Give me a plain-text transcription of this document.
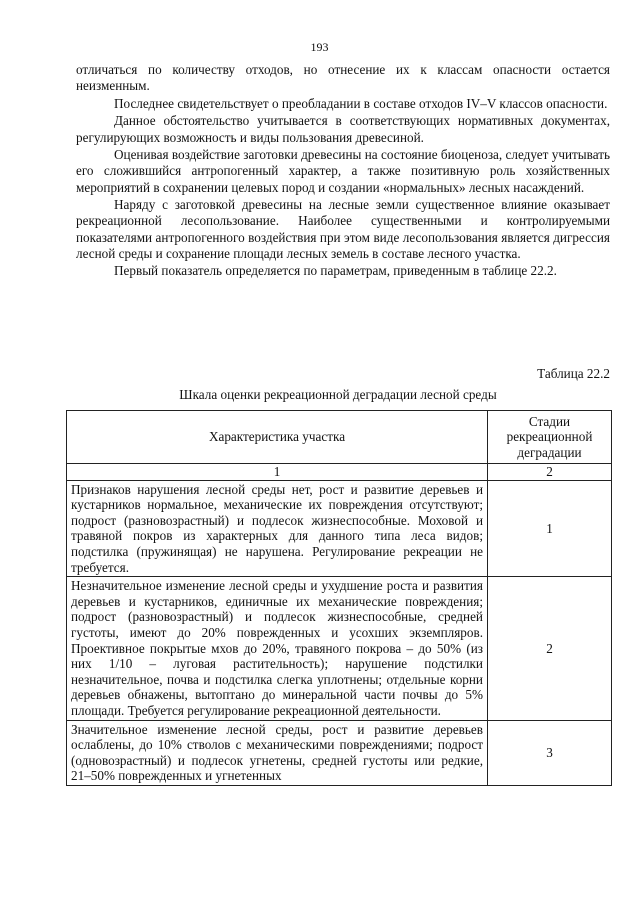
193

отличаться по количеству отходов, но отнесение их к классам опасности остается неизменным.

Последнее свидетельствует о преобладании в составе отходов IV–V классов опасности.

Данное обстоятельство учитывается в соответствующих нормативных документах, регулирующих возможность и виды пользования древесиной.

Оценивая воздействие заготовки древесины на состояние биоценоза, следует учитывать его сложившийся антропогенный характер, а также позитивную роль хозяйственных мероприятий в сохранении целевых пород и создании «нормальных» лесных насаждений.

Наряду с заготовкой древесины на лесные земли существенное влияние оказывает рекреационной лесопользование. Наиболее существенными и контролируемыми показателями антропогенного воздействия при этом виде лесопользования является дигрессия лесной среды и сохранение площади лесных земель в составе лесного участка.

Первый показатель определяется по параметрам, приведенным в таблице 22.2.

Таблица 22.2
Шкала оценки рекреационной деградации лесной среды
Характеристика участка	Стадии рекреационной деградации
1	2
Признаков нарушения лесной среды нет, рост и развитие деревьев и кустарников нормальное, механические их повреждения отсутствуют; подрост (разновозрастный) и подлесок жизнеспособные. Моховой и травяной покров из характерных для данного типа леса видов; подстилка (пружинящая) не нарушена. Регулирование рекреации не требуется.	1
Незначительное изменение лесной среды и ухудшение роста и развития деревьев и кустарников, единичные их механические повреждения; подрост (разновозрастный) и подлесок жизнеспособные, средней густоты, имеют до 20% поврежденных и усохших экземпляров. Проективное покрытые мхов до 20%, травяного покрова – до 50% (из них 1/10 – луговая растительность); нарушение подстилки незначительное, почва и подстилка слегка уплотнены; отдельные корни деревьев обнажены, вытоптано до минеральной части почвы до 5% площади. Требуется регулирование рекреационной деятельности.	2
Значительное изменение лесной среды, рост и развитие деревьев ослаблены, до 10% стволов с механическими повреждениями; подрост (одновозрастный) и подлесок угнетены, средней густоты или редкие, 21–50% поврежденных и угнетенных	3
